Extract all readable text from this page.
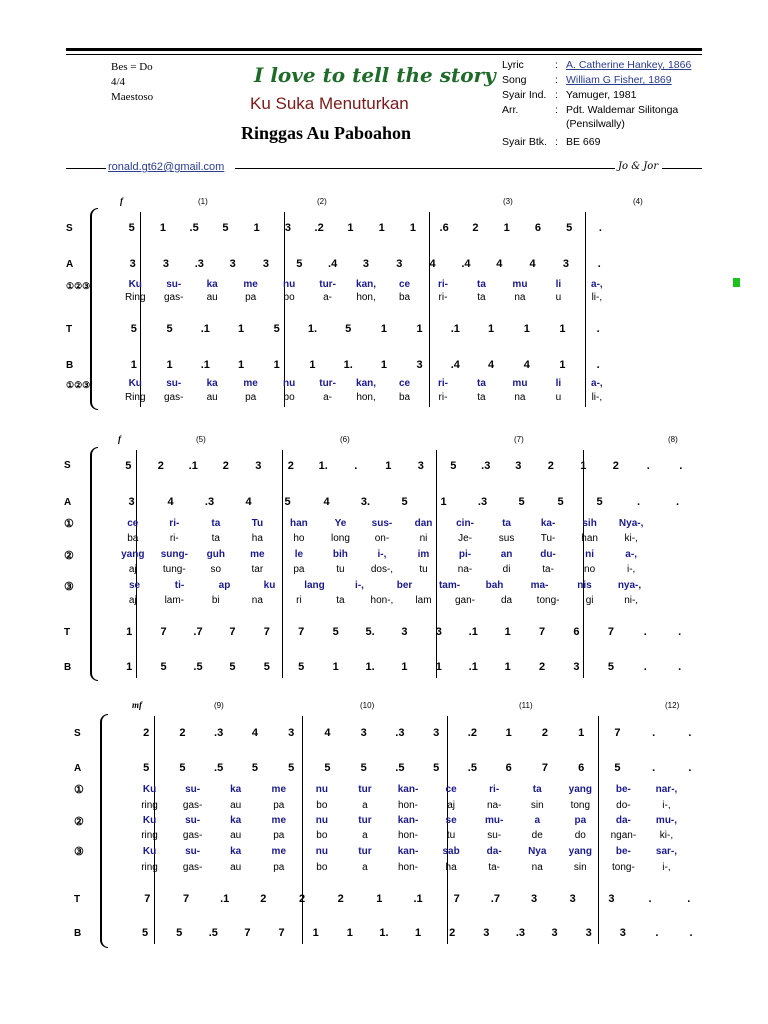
Bes = Do
4/4
Maestoso
I love to tell the story
Ku Suka Menuturkan
Ringgas Au Paboahon
Lyric	: A. Catherine Hankey, 1866
Song	: William G Fisher, 1869
Syair Ind. : Yamuger, 1981
Arr.	: Pdt. Waldemar Silitonga
(Pensilwally)
Syair Btk. : BE 669
ronald.gt62@gmail.com	Jo & Jor
f	(1)	(2)	(3)	(4)
S
A
①②③
T
B
①②③
5	1	.5	5	1	3	.2	1	1	1	.6	2	1	6	5	.
3	3	.3	3	3	5	.4	3	3	4	.4	4	4	3	.
Ku	su-	ka	me	nu	tur-	kan,	ce	ri-	ta	mu	li	a-,
Ring	gas-	au	pa	bo	a-	hon,	ba	ri-	ta	na	u	li-,
5	5	.1	1	5	1.	5	1	1	.1	1	1	1	.
1	1	.1	1	1	1	1.	1	3	.4	4	4	1	.
Ku	su-	ka	me	nu	tur-	kan,	ce	ri-	ta	mu	li	a-,
Ring	gas-	au	pa	bo	a-	hon,	ba	ri-	ta	na	u	li-,
f	(5)	(6)	(7)	(8)
S
A
①
②
③
T
B
5	2	.1	2	3	2	1.	.	1	3	5	.3	3	2	1	2	.	.
3	4	.3	4	5	4	3.	5	1	.3	5	5	5	.	.
ce	ri-	ta	Tu	han	Ye	sus-	dan	cin-	ta	ka-	sih	Nya-,
ba	ri-	ta	ha	ho	long	on-	ni	Je-	sus	Tu-	han	ki-,
yang	sung-	guh	me	le	bih	i-,	im	pi-	an	du-	ni	a-,
aj	tung-	so	tar	pa	tu	dos-,	tu	na-	di	ta-	no	i-,
se	ti-	ap	ku	lang	i-,	ber	tam-	bah	ma-	nis	nya-,
aj	lam-	bi	na	ri	ta	hon-,	lam	gan-	da	tong-	gi	ni-,
1	7	.7	7	7	7	5	5.	3	3	.1	1	7	6	7	.	.
1	5	.5	5	5	5	1	1.	1	1	.1	1	2	3	5	.	.
mf	(9)	(10)	(11)	(12)
S
A
①
②
③
T
B
2	2	.3	4	3	4	3	.3	3	.2	1	2	1	7	.	.
5	5	.5	5	5	5	5	.5	5	.5	6	7	6	5	.	.
Ku	su-	ka	me	nu	tur	kan-	ce	ri-	ta	yang	be-	nar-,
ring	gas-	au	pa	bo	a	hon-	aj	na-	sin	tong	do-	i-,
Ku	su-	ka	me	nu	tur	kan-	se	mu-	a	pa	da-	mu-,
ring	gas-	au	pa	bo	a	hon-	tu	su-	de	do	ngan-	ki-,
Ku	su-	ka	me	nu	tur	kan-	sab	da-	Nya	yang	be-	sar-,
ring	gas-	au	pa	bo	a	hon-	ha	ta-	na	sin	tong-	i-,
7	7	.1	2	2	2	1	.1	7	.7	3	3	3	.	.
5	5	.5	7	7	1	1	1.	1	2	3	.3	3	3	3	.	.
